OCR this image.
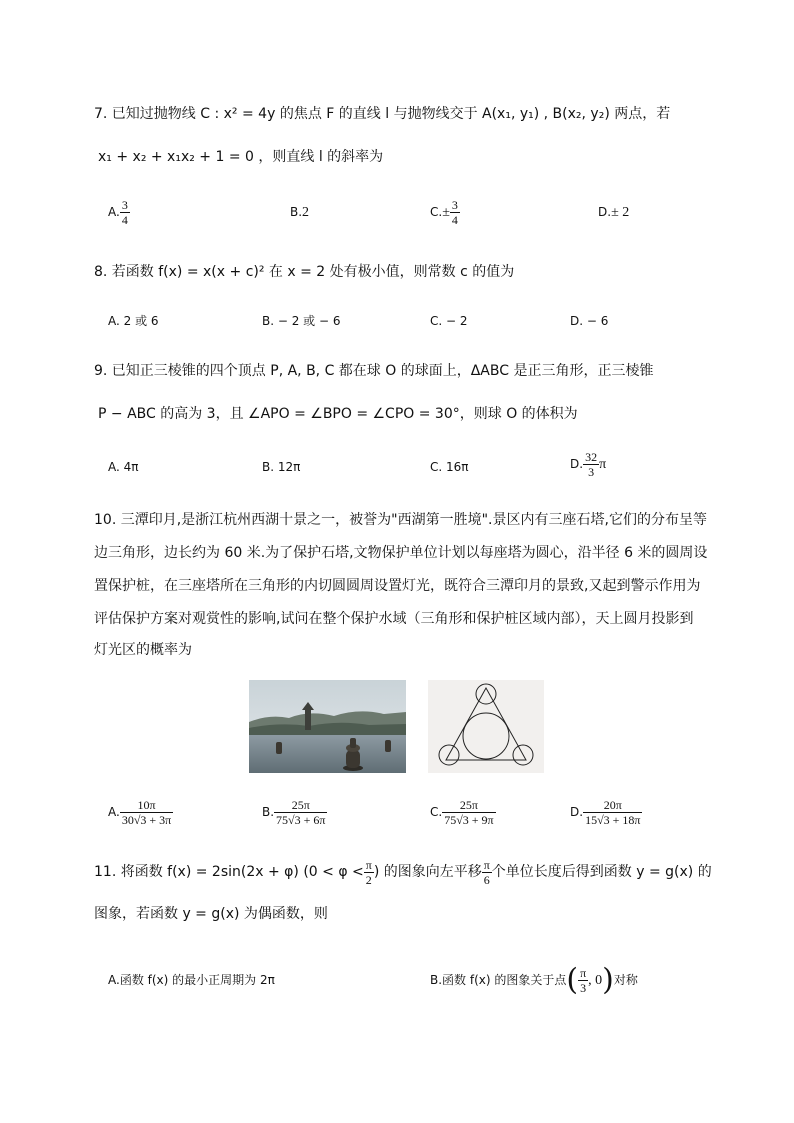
7. 已知过抛物线 C : x² = 4y 的焦点 F 的直线 l 与抛物线交于 A(x₁, y₁) , B(x₂, y₂) 两点，若
x₁ + x₂ + x₁x₂ + 1 = 0 ，则直线 l 的斜率为
A. $\frac{3}{4}$	B.2	$C.\pm \frac{3}{4}$	D.± 2
8. 若函数 f(x) = x(x + c)² 在 x = 2 处有极小值，则常数 c 的值为
A. 2 或 6	B. − 2 或 − 6	C. − 2	D. − 6
9. 已知正三棱锥的四个顶点 P, A, B, C 都在球 O 的球面上，ΔABC 是正三角形，正三棱锥
P − ABC 的高为 3，且 ∠APO = ∠BPO = ∠CPO = 30°，则球 O 的体积为
A. 4π	B. 12π	C. 16π	D. $\frac{32}{3}$ π
10. 三潭印月,是浙江杭州西湖十景之一，被誉为"西湖第一胜境".景区内有三座石塔,它们的分布呈等
边三角形，边长约为 60 米.为了保护石塔,文物保护单位计划以每座塔为圆心，沿半径 6 米的圆周设
置保护桩，在三座塔所在三角形的内切圆圆周设置灯光，既符合三潭印月的景致,又起到警示作用为
评估保护方案对观赏性的影响,试问在整个保护水域（三角形和保护桩区域内部），天上圆月投影到
灯光区的概率为
A. $\frac{10\pi}{30√3 + 3\pi}$	B. $\frac{25\pi}{75√3 + 6\pi}$	C. $\frac{25\pi}{75√3 + 9\pi}$	D. $\frac{20\pi}{15√3 + 18\pi}$
11. 将函数 f(x) = 2sin(2x + φ) ($0 < \varphi < \frac{\pi}{2}$ ) 的图象向左平移 $\frac{\pi}{6}$ 个单位长度后得到函数 y = g(x) 的
图象，若函数 y = g(x) 为偶函数，则
A.函数 f(x) 的最小正周期为 2π	B.函数 f(x) 的图象关于点( $\frac{\pi}{3}$ , 0)对称
